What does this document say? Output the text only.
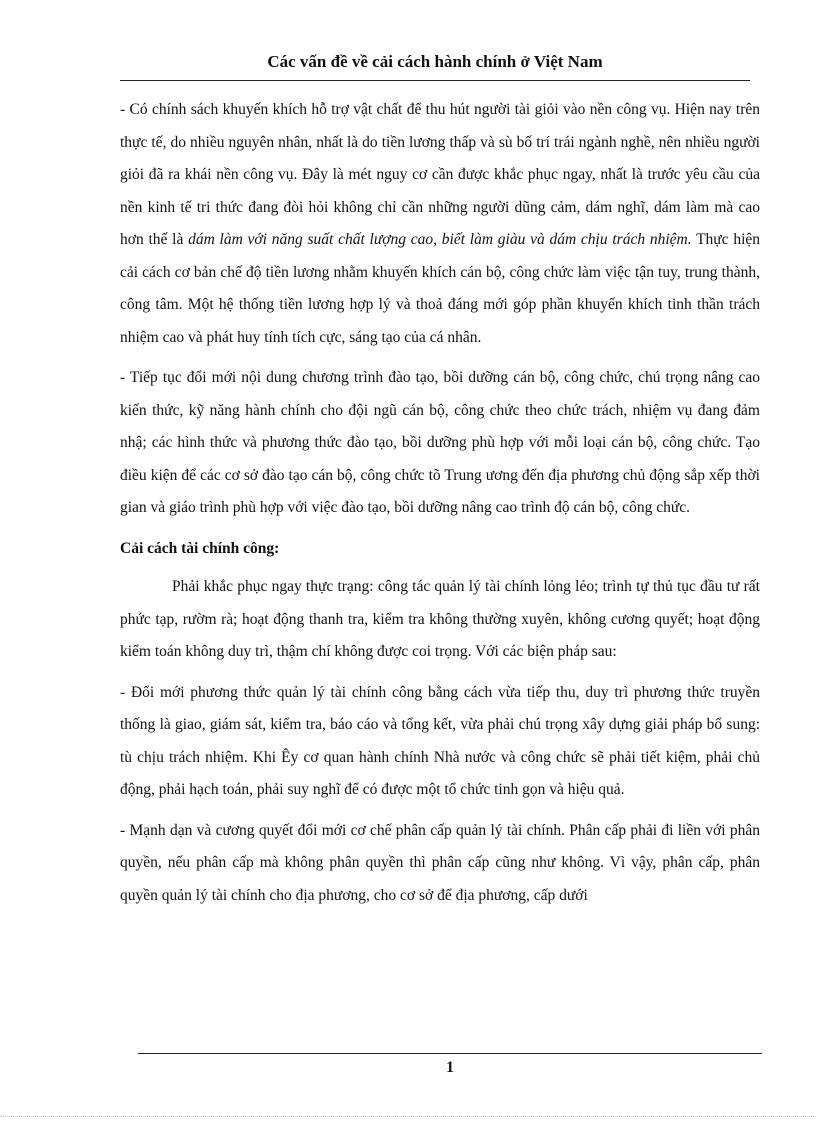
Các vấn đề về cải cách hành chính ở Việt Nam

- Có chính sách khuyến khích hỗ trợ vật chất để thu hút người tài giỏi vào nền công vụ. Hiện nay trên thực tế, do nhiều nguyên nhân, nhất là do tiền lương thấp và sù bố trí trái ngành nghề, nên nhiều người giỏi đã ra khái nền công vụ. Đây là mét nguy cơ cần được khắc phục ngay, nhất là trước yêu cầu của nền kinh tế tri thức đang đòi hỏi không chỉ cần những người dũng cảm, dám nghĩ, dám làm mà cao hơn thế là dám làm với năng suất chất lượng cao, biết làm giàu và dám chịu trách nhiệm. Thực hiện cải cách cơ bản chế độ tiền lương nhằm khuyến khích cán bộ, công chức làm việc tận tuy, trung thành, công tâm. Một hệ thống tiền lương hợp lý và thoả đáng mới góp phần khuyến khích tinh thần trách nhiệm cao và phát huy tính tích cực, sáng tạo của cá nhân.

- Tiếp tục đổi mới nội dung chương trình đào tạo, bồi dưỡng cán bộ, công chức, chú trọng nâng cao kiến thức, kỹ năng hành chính cho đội ngũ cán bộ, công chức theo chức trách, nhiệm vụ đang đảm nhậ; các hình thức và phương thức đào tạo, bồi dưỡng phù hợp với mỗi loại cán bộ, công chức. Tạo điều kiện để các cơ sở đào tạo cán bộ, công chức tõ Trung ương đến địa phương chủ động sắp xếp thời gian và giáo trình phù hợp với việc đào tạo, bồi dưỡng nâng cao trình độ cán bộ, công chức.

Cải cách tài chính công:

Phải khắc phục ngay thực trạng: công tác quản lý tài chính lỏng lẻo; trình tự thủ tục đầu tư rất phức tạp, rườm rà; hoạt động thanh tra, kiểm tra không thường xuyên, không cương quyết; hoạt động kiểm toán không duy trì, thậm chí không được coi trọng. Với các biện pháp sau:

- Đổi mới phương thức quản lý tài chính công bằng cách vừa tiếp thu, duy trì phương thức truyền thống là giao, giám sát, kiểm tra, báo cáo và tổng kết, vừa phải chú trọng xây dựng giải pháp bổ sung: tù chịu trách nhiệm. Khi Êy cơ quan hành chính Nhà nước và công chức sẽ phải tiết kiệm, phải chủ động, phải hạch toán, phải suy nghĩ để có được một tổ chức tinh gọn và hiệu quả.

- Mạnh dạn và cương quyết đổi mới cơ chế phân cấp quản lý tài chính. Phân cấp phải đi liền với phân quyền, nếu phân cấp mà không phân quyền thì phân cấp cũng như không. Vì vậy, phân cấp, phân quyền quản lý tài chính cho địa phương, cho cơ sở để địa phương, cấp dưới

1
